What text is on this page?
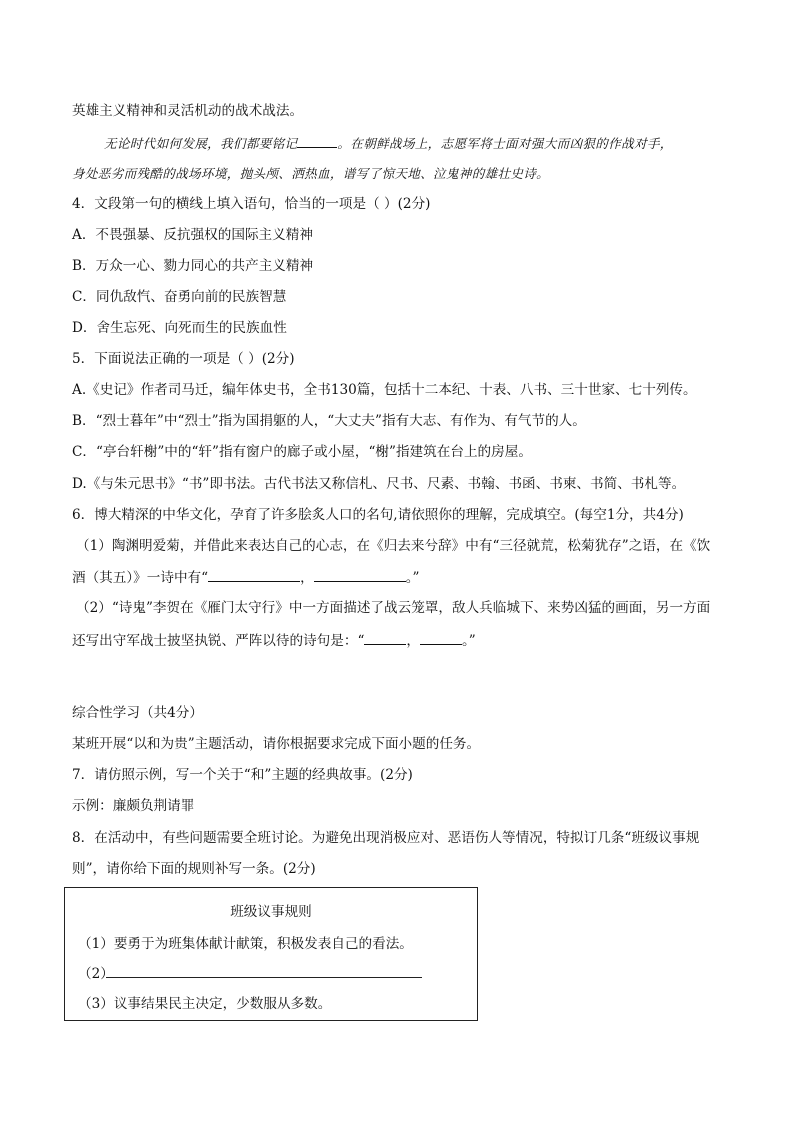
英雄主义精神和灵活机动的战术战法。
无论时代如何发展，我们都要铭记	。在朝鲜战场上，志愿军将士面对强大而凶狠的作战对手，
身处恶劣而残酷的战场环境，抛头颅、洒热血，谱写了惊天地、泣鬼神的雄壮史诗。
4．文段第一句的横线上填入语句，恰当的一项是（ ）(2分)
A．不畏强暴、反抗强权的国际主义精神
B．万众一心、勠力同心的共产主义精神
C．同仇敌忾、奋勇向前的民族智慧
D．舍生忘死、向死而生的民族血性
5．下面说法正确的一项是（ ）(2分)
A.《史记》作者司马迁，编年体史书，全书130篇，包括十二本纪、十表、八书、三十世家、七十列传。
B．“烈士暮年”中“烈士”指为国捐躯的人，“大丈夫”指有大志、有作为、有气节的人。
C．“亭台轩榭”中的“轩”指有窗户的廊子或小屋，“榭”指建筑在台上的房屋。
D.《与朱元思书》“书”即书法。古代书法又称信札、尺书、尺素、书翰、书函、书柬、书简、书札等。
6．博大精深的中华文化，孕育了许多脍炙人口的名句,请依照你的理解，完成填空。(每空1分，共4分)
（1）陶渊明爱菊，并借此来表达自己的心志，在《归去来兮辞》中有“三径就荒，松菊犹存”之语，在《饮
酒（其五）》一诗中有“	，	。”
（2）“诗鬼”李贺在《雁门太守行》中一方面描述了战云笼罩，敌人兵临城下、来势凶猛的画面，另一方面
还写出守军战士披坚执锐、严阵以待的诗句是：“	，	。”
综合性学习（共4分）
某班开展“以和为贵”主题活动，请你根据要求完成下面小题的任务。
7．请仿照示例，写一个关于“和”主题的经典故事。(2分)
示例：廉颇负荆请罪
8．在活动中，有些问题需要全班讨论。为避免出现消极应对、恶语伤人等情况，特拟订几条“班级议事规
则”，请你给下面的规则补写一条。(2分)
班级议事规则
（1）要勇于为班集体献计献策，积极发表自己的看法。
（2）
（3）议事结果民主决定，少数服从多数。
